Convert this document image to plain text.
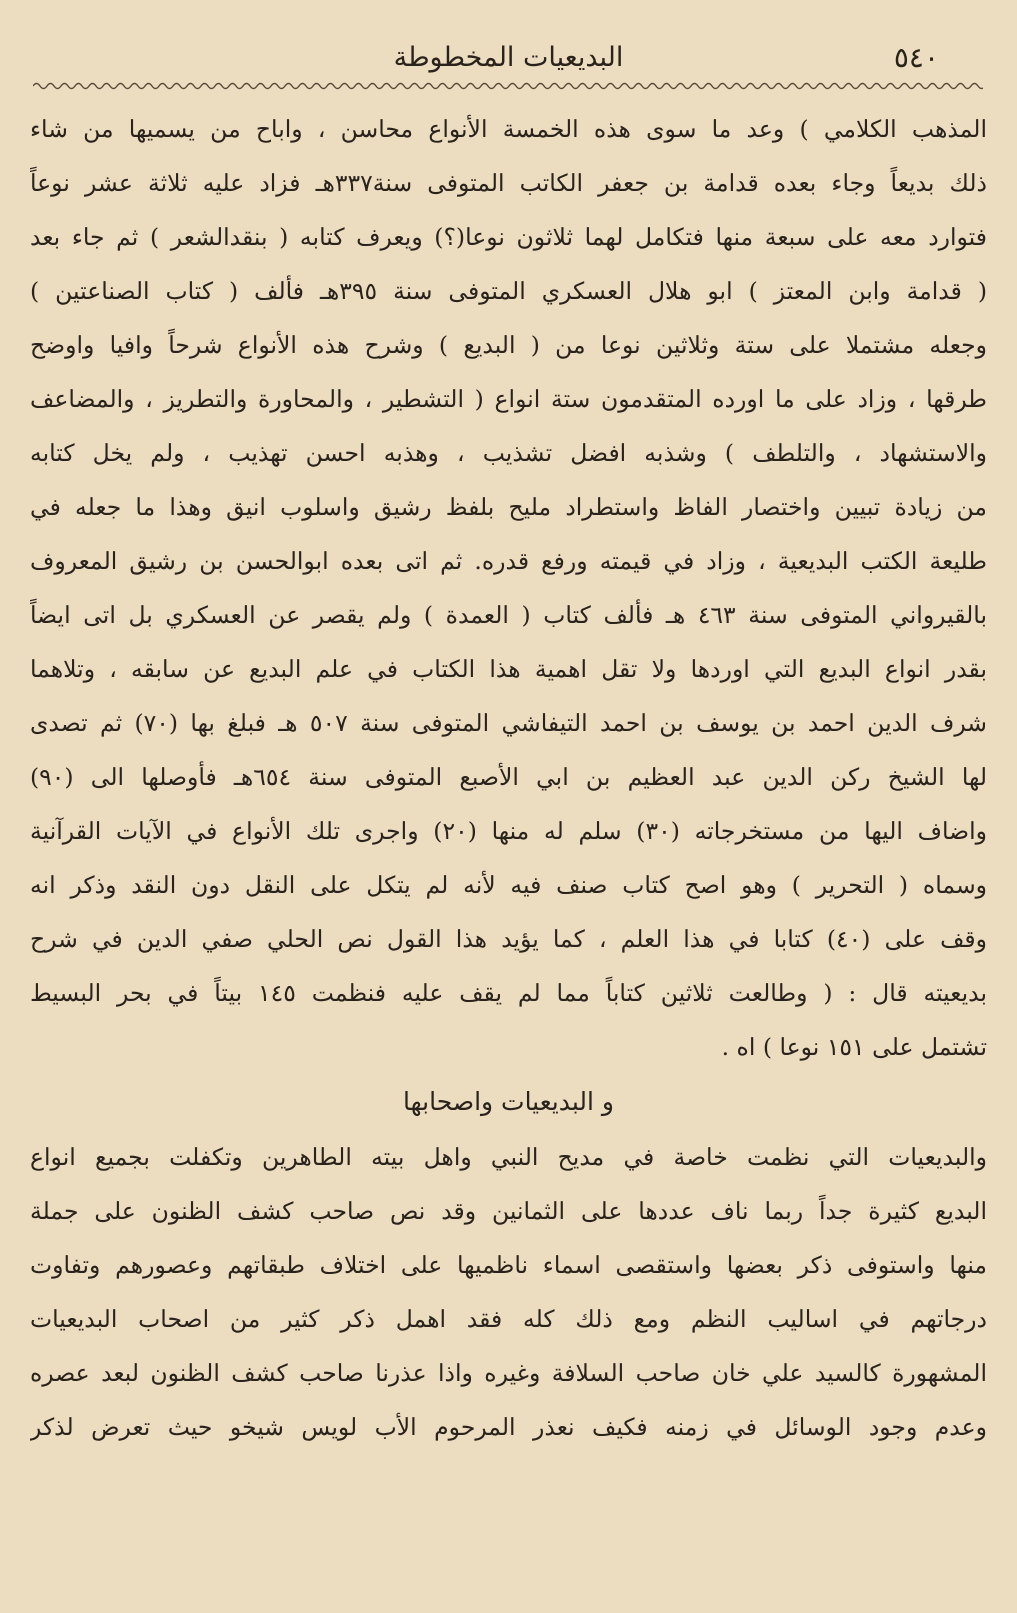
٥٤٠
البديعيات المخطوطة
المذهب الكلامي ) وعد ما سوى هذه الخمسة الأنواع محاسن ، واباح من يسميها من شاء
ذلك بديعاً وجاء بعده قدامة بن جعفر الكاتب المتوفى سنة٣٣٧هـ فزاد عليه ثلاثة عشر نوعاً
فتوارد معه على سبعة منها فتكامل لهما ثلاثون نوعا(؟) ويعرف كتابه ( بنقدالشعر ) ثم جاء بعد
( قدامة وابن المعتز ) ابو هلال العسكري المتوفى سنة ٣٩٥هـ فألف ( كتاب الصناعتين )
وجعله مشتملا على ستة وثلاثين نوعا من ( البديع ) وشرح هذه الأنواع شرحاً وافيا واوضح
طرقها ، وزاد على ما اورده المتقدمون ستة انواع ( التشطير ، والمحاورة والتطريز ، والمضاعف
والاستشهاد ، والتلطف ) وشذبه افضل تشذيب ، وهذبه احسن تهذيب ، ولم يخل كتابه
من زيادة تبيين واختصار الفاظ واستطراد مليح بلفظ رشيق واسلوب انيق وهذا ما جعله في
طليعة الكتب البديعية ، وزاد في قيمته ورفع قدره. ثم اتى بعده ابوالحسن بن رشيق المعروف
بالقيرواني المتوفى سنة ٤٦٣ هـ فألف كتاب ( العمدة ) ولم يقصر عن العسكري بل اتى ايضاً
بقدر انواع البديع التي اوردها ولا تقل اهمية هذا الكتاب في علم البديع عن سابقه ، وتلاهما
شرف الدين احمد بن يوسف بن احمد التيفاشي المتوفى سنة ٥٠٧ هـ فبلغ بها (٧٠) ثم تصدى
لها الشيخ ركن الدين عبد العظيم بن ابي الأصبع المتوفى سنة ٦٥٤هـ فأوصلها الى (٩٠)
واضاف اليها من مستخرجاته (٣٠) سلم له منها (٢٠) واجرى تلك الأنواع في الآيات القرآنية
وسماه ( التحرير ) وهو اصح كتاب صنف فيه لأنه لم يتكل على النقل دون النقد وذكر انه
وقف على (٤٠) كتابا في هذا العلم ، كما يؤيد هذا القول نص الحلي صفي الدين في شرح
بديعيته قال : ( وطالعت ثلاثين كتاباً مما لم يقف عليه فنظمت ١٤٥ بيتاً في بحر البسيط
تشتمل على ١٥١ نوعا ) اه .
و البديعيات واصحابها
والبديعيات التي نظمت خاصة في مديح النبي واهل بيته الطاهرين وتكفلت بجميع انواع
البديع كثيرة جداً ربما ناف عددها على الثمانين وقد نص صاحب كشف الظنون على جملة
منها واستوفى ذكر بعضها واستقصى اسماء ناظميها على اختلاف طبقاتهم وعصورهم وتفاوت
درجاتهم في اساليب النظم ومع ذلك كله فقد اهمل ذكر كثير من اصحاب البديعيات
المشهورة كالسيد علي خان صاحب السلافة وغيره واذا عذرنا صاحب كشف الظنون لبعد عصره
وعدم وجود الوسائل في زمنه فكيف نعذر المرحوم الأب لويس شيخو حيث تعرض لذكر
